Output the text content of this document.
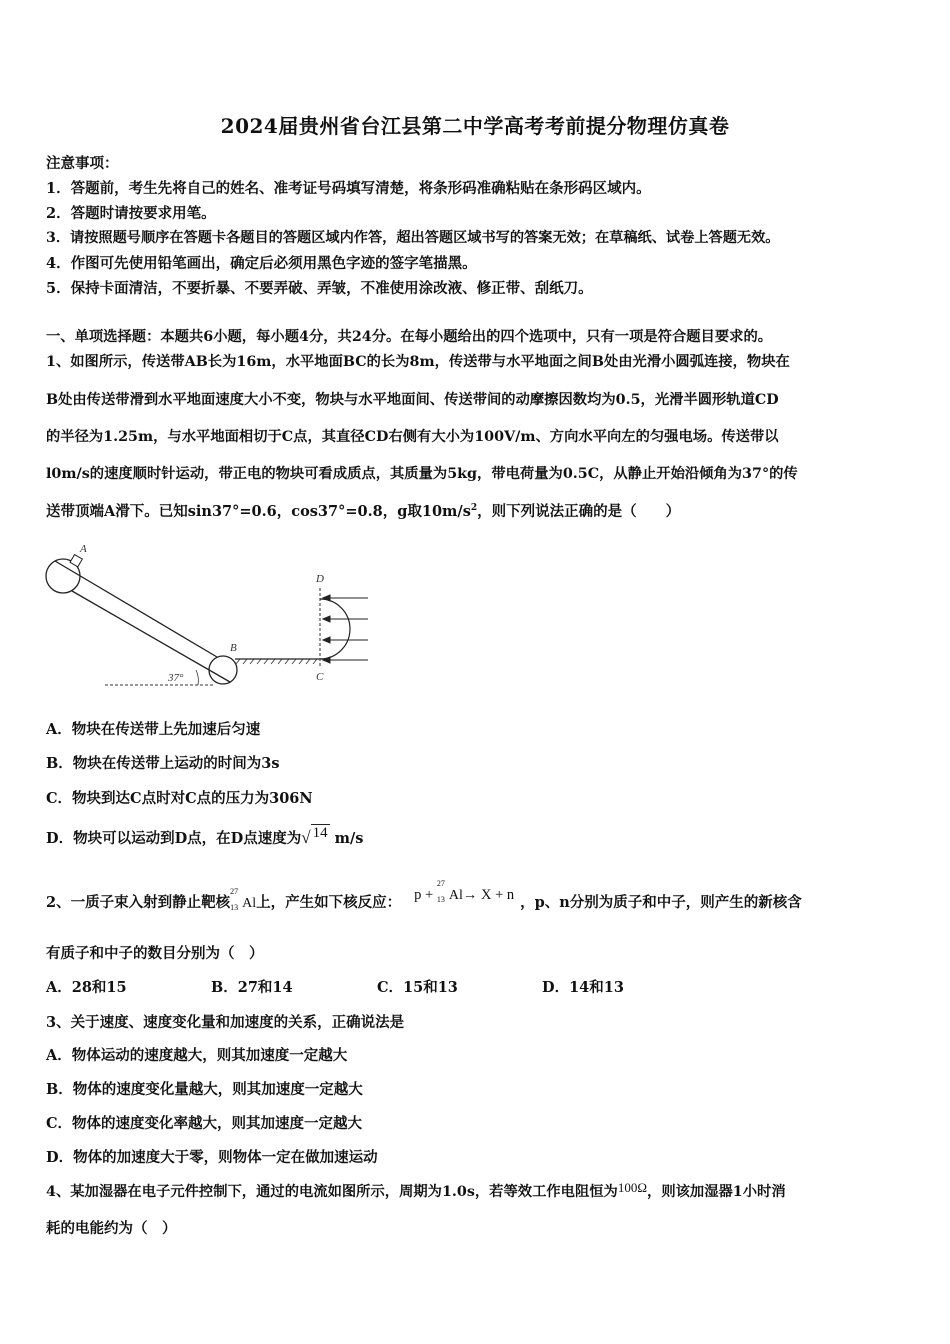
2024届贵州省台江县第二中学高考考前提分物理仿真卷
注意事项：
1．答题前，考生先将自己的姓名、准考证号码填写清楚，将条形码准确粘贴在条形码区域内。
2．答题时请按要求用笔。
3．请按照题号顺序在答题卡各题目的答题区域内作答，超出答题区域书写的答案无效；在草稿纸、试卷上答题无效。
4．作图可先使用铅笔画出，确定后必须用黑色字迹的签字笔描黑。
5．保持卡面清洁，不要折暴、不要弄破、弄皱，不准使用涂改液、修正带、刮纸刀。
一、单项选择题：本题共6小题，每小题4分，共24分。在每小题给出的四个选项中，只有一项是符合题目要求的。
1、如图所示，传送带AB长为16m，水平地面BC的长为8m，传送带与水平地面之间B处由光滑小圆弧连接，物块在
B处由传送带滑到水平地面速度大小不变，物块与水平地面间、传送带间的动摩擦因数均为0.5，光滑半圆形轨道CD
的半径为1.25m，与水平地面相切于C点，其直径CD右侧有大小为100V/m、方向水平向左的匀强电场。传送带以
l0m/s的速度顺时针运动，带正电的物块可看成质点，其质量为5kg，带电荷量为0.5C，从静止开始沿倾角为37°的传
送带顶端A滑下。已知sin37°=0.6，cos37°=0.8，g取$10m/s^2$，则下列说法正确的是（　　）
A
37°
B
D
C
A．物块在传送带上先加速后匀速
B．物块在传送带上运动的时间为3s
C．物块到达C点时对C点的压力为306N
D．物块可以运动到D点，在D点速度为√ 14 m/s
2、一质子束入射到静止靶核
27
13 Al上，产生如下核反应： p +
27
13 Al→ X + n ，p、n分别为质子和中子，则产生的新核含
有质子和中子的数目分别为（　）
A．28和15	B．27和14	C．15和13	D．14和13
3、关于速度、速度变化量和加速度的关系，正确说法是
A．物体运动的速度越大，则其加速度一定越大
B．物体的速度变化量越大，则其加速度一定越大
C．物体的速度变化率越大，则其加速度一定越大
D．物体的加速度大于零，则物体一定在做加速运动
4、某加湿器在电子元件控制下，通过的电流如图所示，周期为1.0s，若等效工作电阻恒为100Ω，则该加湿器1小时消
耗的电能约为（　）
